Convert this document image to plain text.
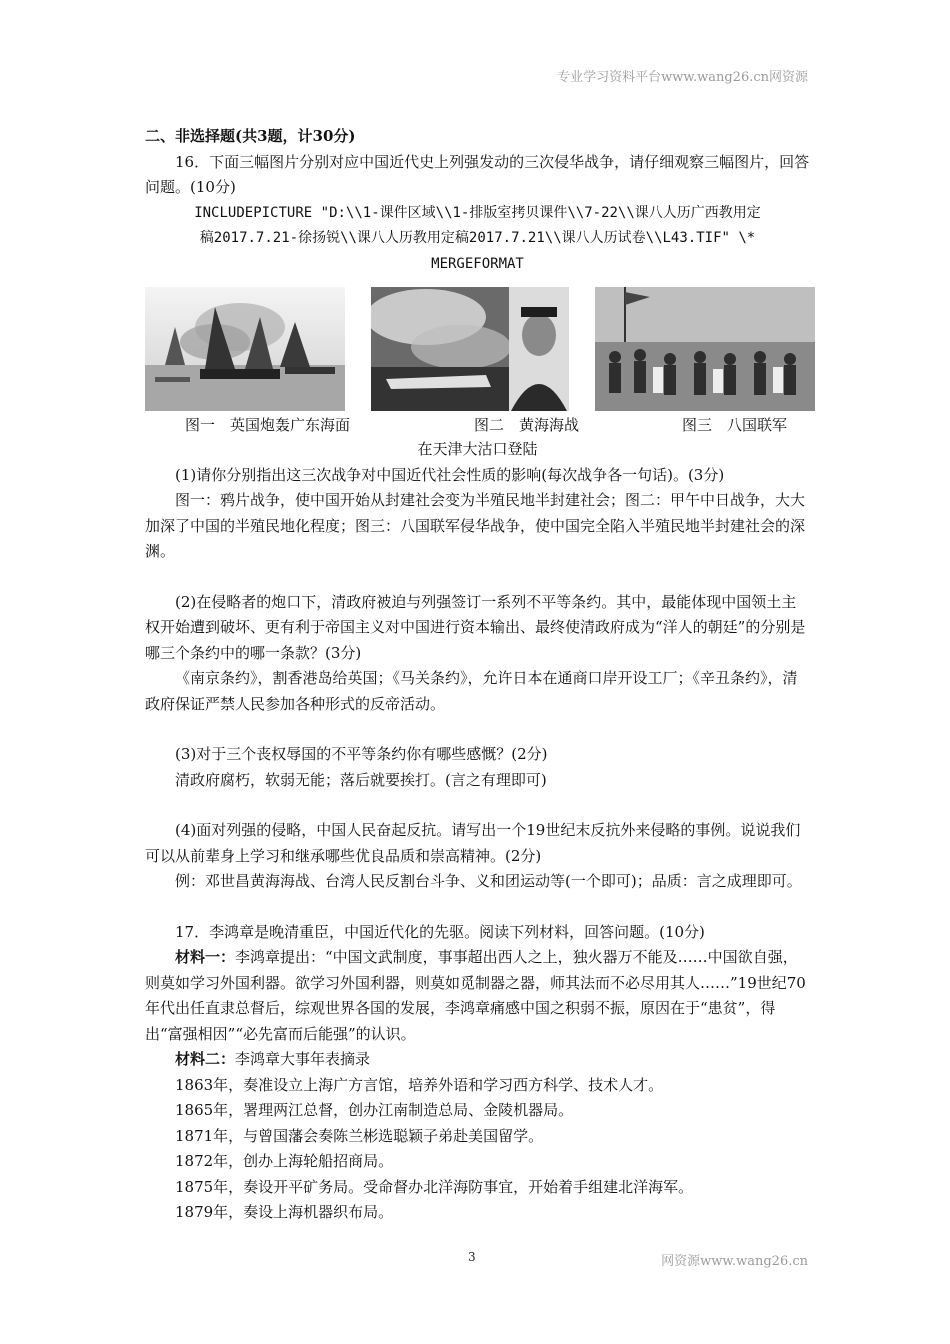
专业学习资料平台www.wang26.cn网资源

二、非选择题(共3题，计30分)

16．下面三幅图片分别对应中国近代史上列强发动的三次侵华战争，请仔细观察三幅图片，回答问题。(10分)

INCLUDEPICTURE "D:\\1-课件区域\\1-排版室拷贝课件\\7-22\\课八人历广西教用定

稿2017.7.21-徐扬锐\\课八人历教用定稿2017.7.21\\课八人历试卷\\L43.TIF" \*

MERGEFORMAT

图一　英国炮轰广东海面	图二　黄海海战	图三　八国联军

在天津大沽口登陆

(1)请你分别指出这三次战争对中国近代社会性质的影响(每次战争各一句话)。(3分)

图一：鸦片战争，使中国开始从封建社会变为半殖民地半封建社会；图二：甲午中日战争，大大加深了中国的半殖民地化程度；图三：八国联军侵华战争，使中国完全陷入半殖民地半封建社会的深渊。

(2)在侵略者的炮口下，清政府被迫与列强签订一系列不平等条约。其中，最能体现中国领土主权开始遭到破坏、更有利于帝国主义对中国进行资本输出、最终使清政府成为“洋人的朝廷”的分别是哪三个条约中的哪一条款？(3分)

《南京条约》，割香港岛给英国；《马关条约》，允许日本在通商口岸开设工厂；《辛丑条约》，清政府保证严禁人民参加各种形式的反帝活动。

(3)对于三个丧权辱国的不平等条约你有哪些感慨？(2分)

清政府腐朽，软弱无能；落后就要挨打。(言之有理即可)

(4)面对列强的侵略，中国人民奋起反抗。请写出一个19世纪末反抗外来侵略的事例。说说我们可以从前辈身上学习和继承哪些优良品质和崇高精神。(2分)

例：邓世昌黄海海战、台湾人民反割台斗争、义和团运动等(一个即可)；品质：言之成理即可。

17．李鸿章是晚清重臣，中国近代化的先驱。阅读下列材料，回答问题。(10分)

材料一：李鸿章提出：“中国文武制度，事事超出西人之上，独火器万不能及……中国欲自强，则莫如学习外国利器。欲学习外国利器，则莫如觅制器之器，师其法而不必尽用其人……”19世纪70年代出任直隶总督后，综观世界各国的发展，李鸿章痛感中国之积弱不振，原因在于“患贫”，得出“富强相因”“必先富而后能强”的认识。

材料二：李鸿章大事年表摘录

1863年，奏准设立上海广方言馆，培养外语和学习西方科学、技术人才。

1865年，署理两江总督，创办江南制造总局、金陵机器局。

1871年，与曾国藩会奏陈兰彬选聪颖子弟赴美国留学。

1872年，创办上海轮船招商局。

1875年，奏设开平矿务局。受命督办北洋海防事宜，开始着手组建北洋海军。

1879年，奏设上海机器织布局。

3	网资源www.wang26.cn
